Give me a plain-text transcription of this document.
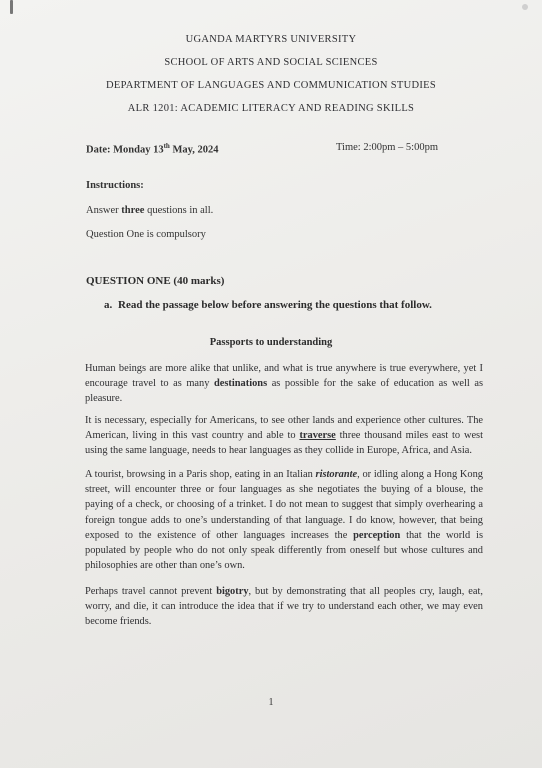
UGANDA MARTYRS UNIVERSITY
SCHOOL OF ARTS AND SOCIAL SCIENCES
DEPARTMENT OF LANGUAGES AND COMMUNICATION STUDIES
ALR 1201: ACADEMIC LITERACY AND READING SKILLS
Date: Monday 13th May, 2024	Time: 2:00pm – 5:00pm
Instructions:
Answer three questions in all.
Question One is compulsory
QUESTION ONE (40 marks)
a. Read the passage below before answering the questions that follow.
Passports to understanding
Human beings are more alike that unlike, and what is true anywhere is true everywhere, yet I encourage travel to as many destinations as possible for the sake of education as well as pleasure.
It is necessary, especially for Americans, to see other lands and experience other cultures. The American, living in this vast country and able to traverse three thousand miles east to west using the same language, needs to hear languages as they collide in Europe, Africa, and Asia.
A tourist, browsing in a Paris shop, eating in an Italian ristorante, or idling along a Hong Kong street, will encounter three or four languages as she negotiates the buying of a blouse, the paying of a check, or choosing of a trinket. I do not mean to suggest that simply overhearing a foreign tongue adds to one’s understanding of that language. I do know, however, that being exposed to the existence of other languages increases the perception that the world is populated by people who do not only speak differently from oneself but whose cultures and philosophies are other than one’s own.
Perhaps travel cannot prevent bigotry, but by demonstrating that all peoples cry, laugh, eat, worry, and die, it can introduce the idea that if we try to understand each other, we may even become friends.
1
